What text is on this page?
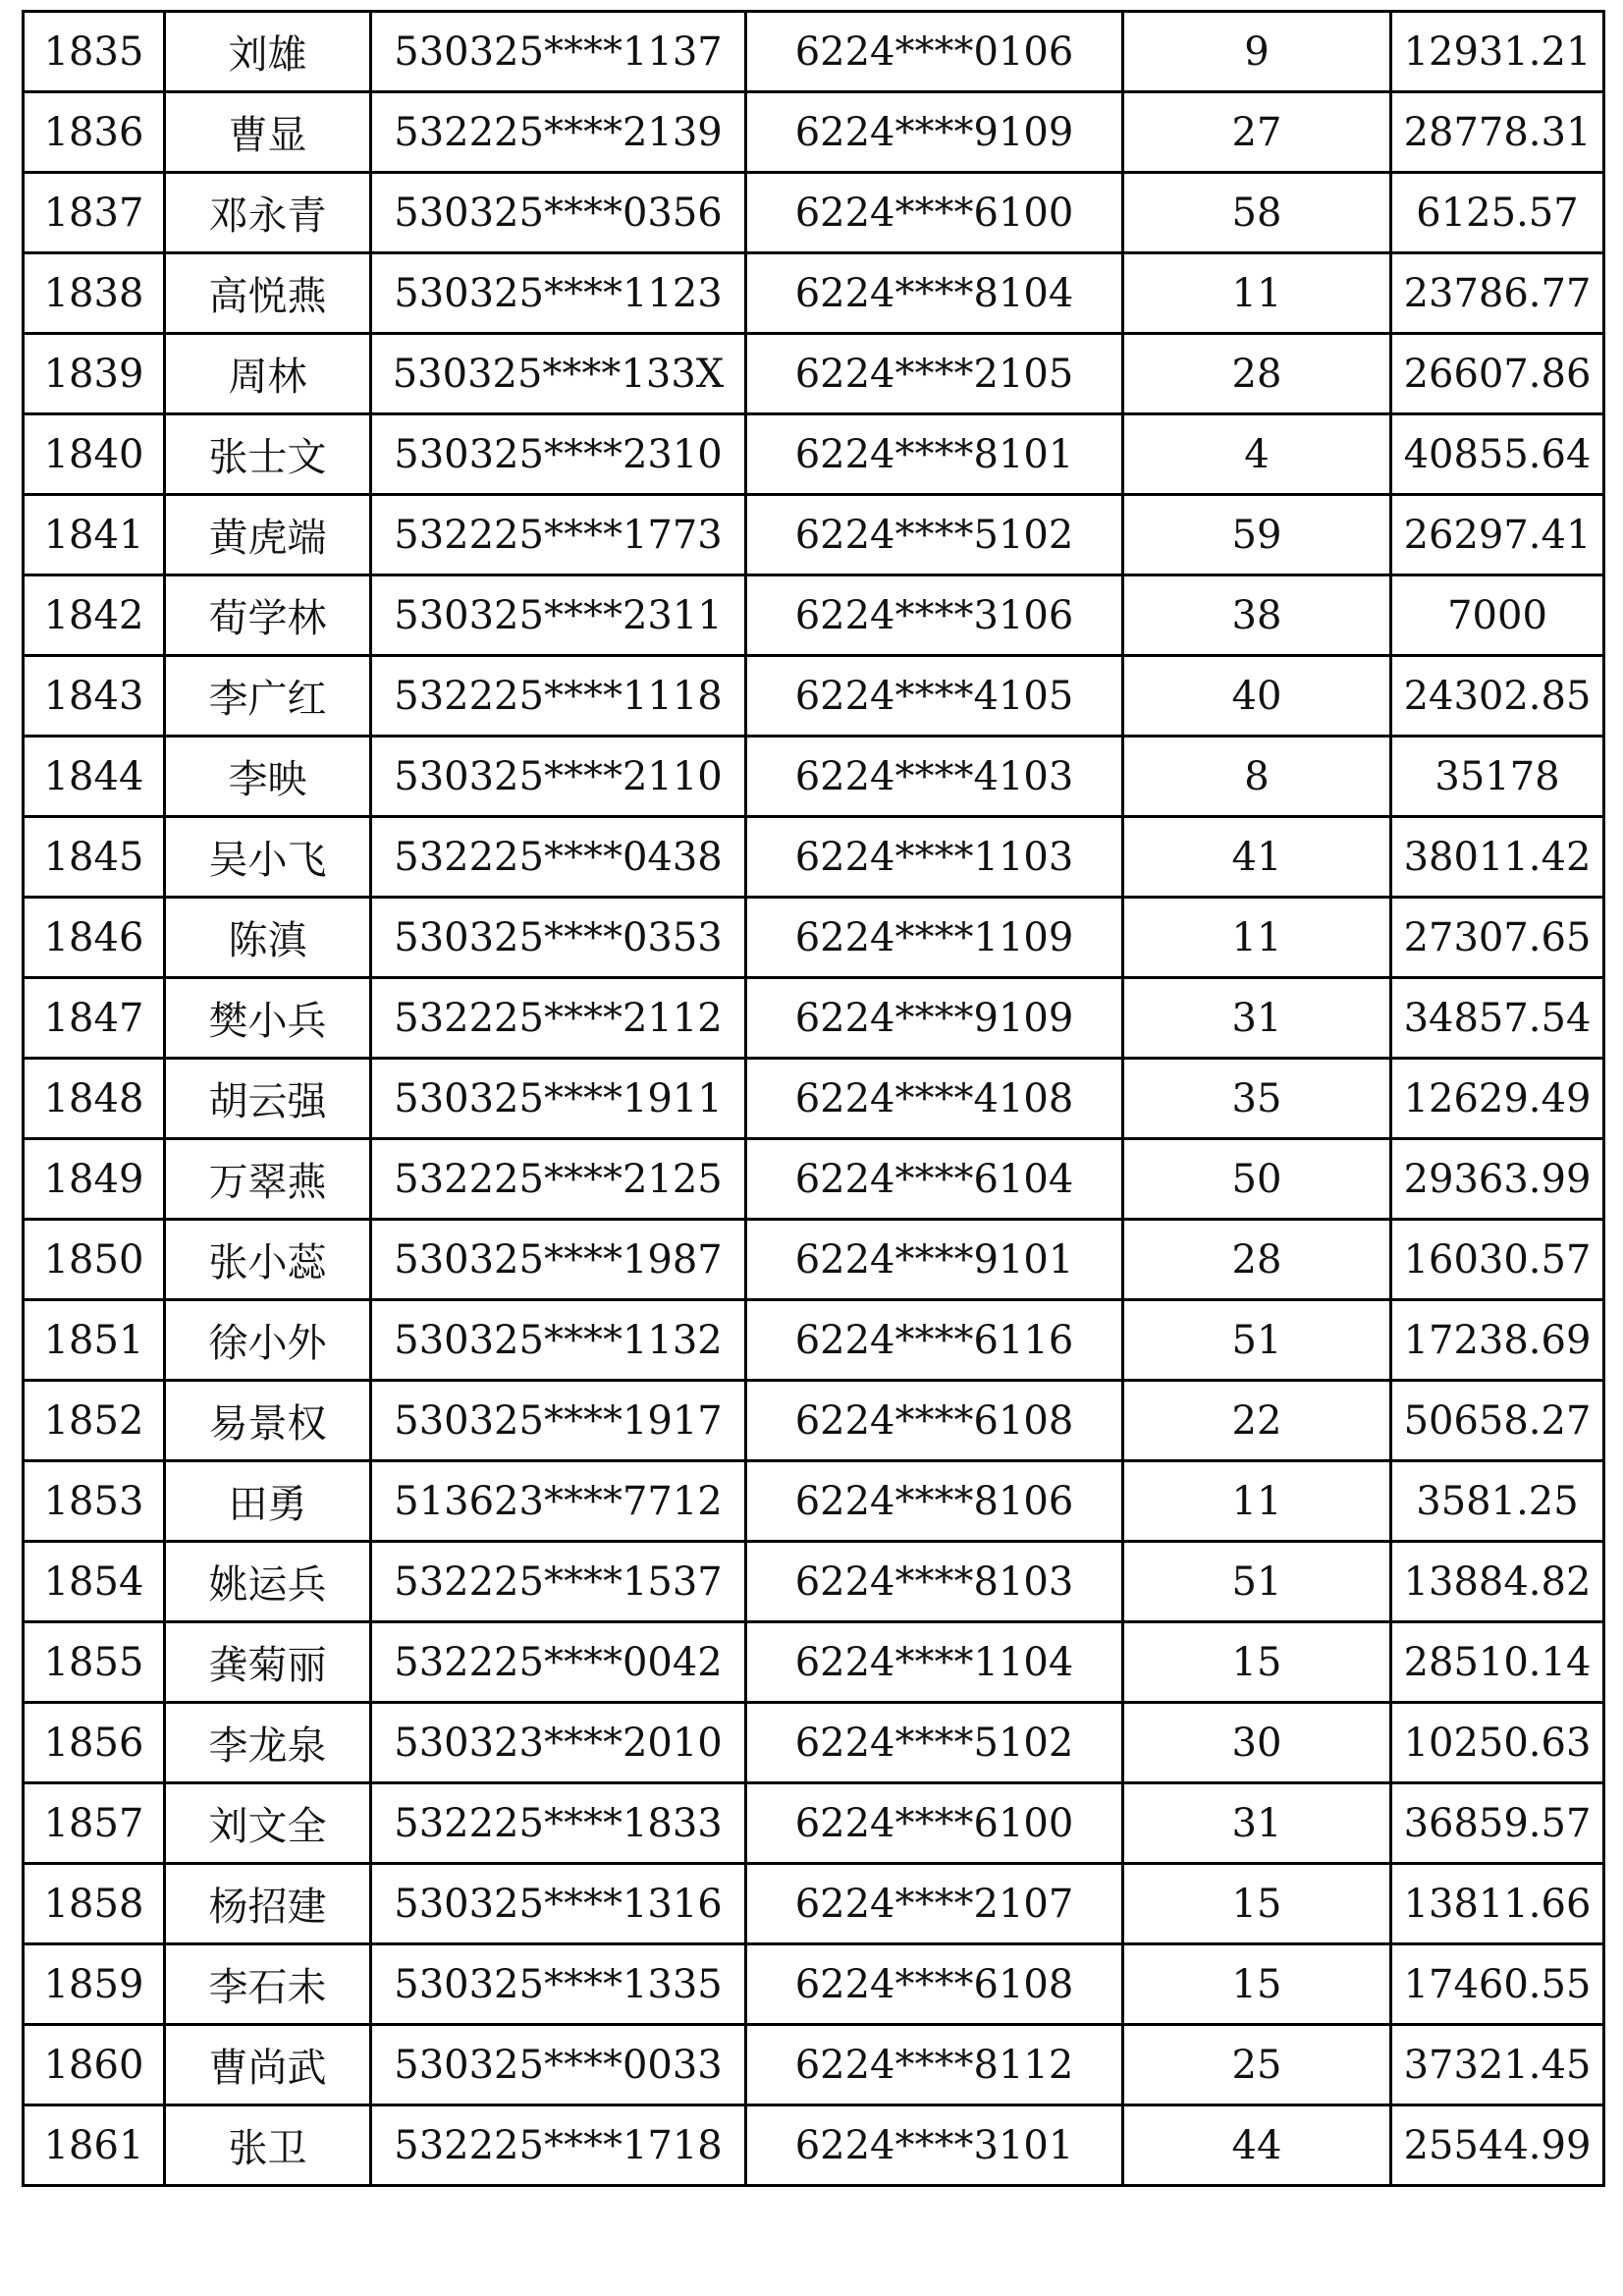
1835	刘雄	530325****1137	6224****0106	9	12931.21
1836	曹显	532225****2139	6224****9109	27	28778.31
1837	邓永青	530325****0356	6224****6100	58	6125.57
1838	高悦燕	530325****1123	6224****8104	11	23786.77
1839	周林	530325****133X	6224****2105	28	26607.86
1840	张士文	530325****2310	6224****8101	4	40855.64
1841	黄虎端	532225****1773	6224****5102	59	26297.41
1842	荀学林	530325****2311	6224****3106	38	7000
1843	李广红	532225****1118	6224****4105	40	24302.85
1844	李映	530325****2110	6224****4103	8	35178
1845	吴小飞	532225****0438	6224****1103	41	38011.42
1846	陈滇	530325****0353	6224****1109	11	27307.65
1847	樊小兵	532225****2112	6224****9109	31	34857.54
1848	胡云强	530325****1911	6224****4108	35	12629.49
1849	万翠燕	532225****2125	6224****6104	50	29363.99
1850	张小蕊	530325****1987	6224****9101	28	16030.57
1851	徐小外	530325****1132	6224****6116	51	17238.69
1852	易景权	530325****1917	6224****6108	22	50658.27
1853	田勇	513623****7712	6224****8106	11	3581.25
1854	姚运兵	532225****1537	6224****8103	51	13884.82
1855	龚菊丽	532225****0042	6224****1104	15	28510.14
1856	李龙泉	530323****2010	6224****5102	30	10250.63
1857	刘文全	532225****1833	6224****6100	31	36859.57
1858	杨招建	530325****1316	6224****2107	15	13811.66
1859	李石未	530325****1335	6224****6108	15	17460.55
1860	曹尚武	530325****0033	6224****8112	25	37321.45
1861	张卫	532225****1718	6224****3101	44	25544.99
